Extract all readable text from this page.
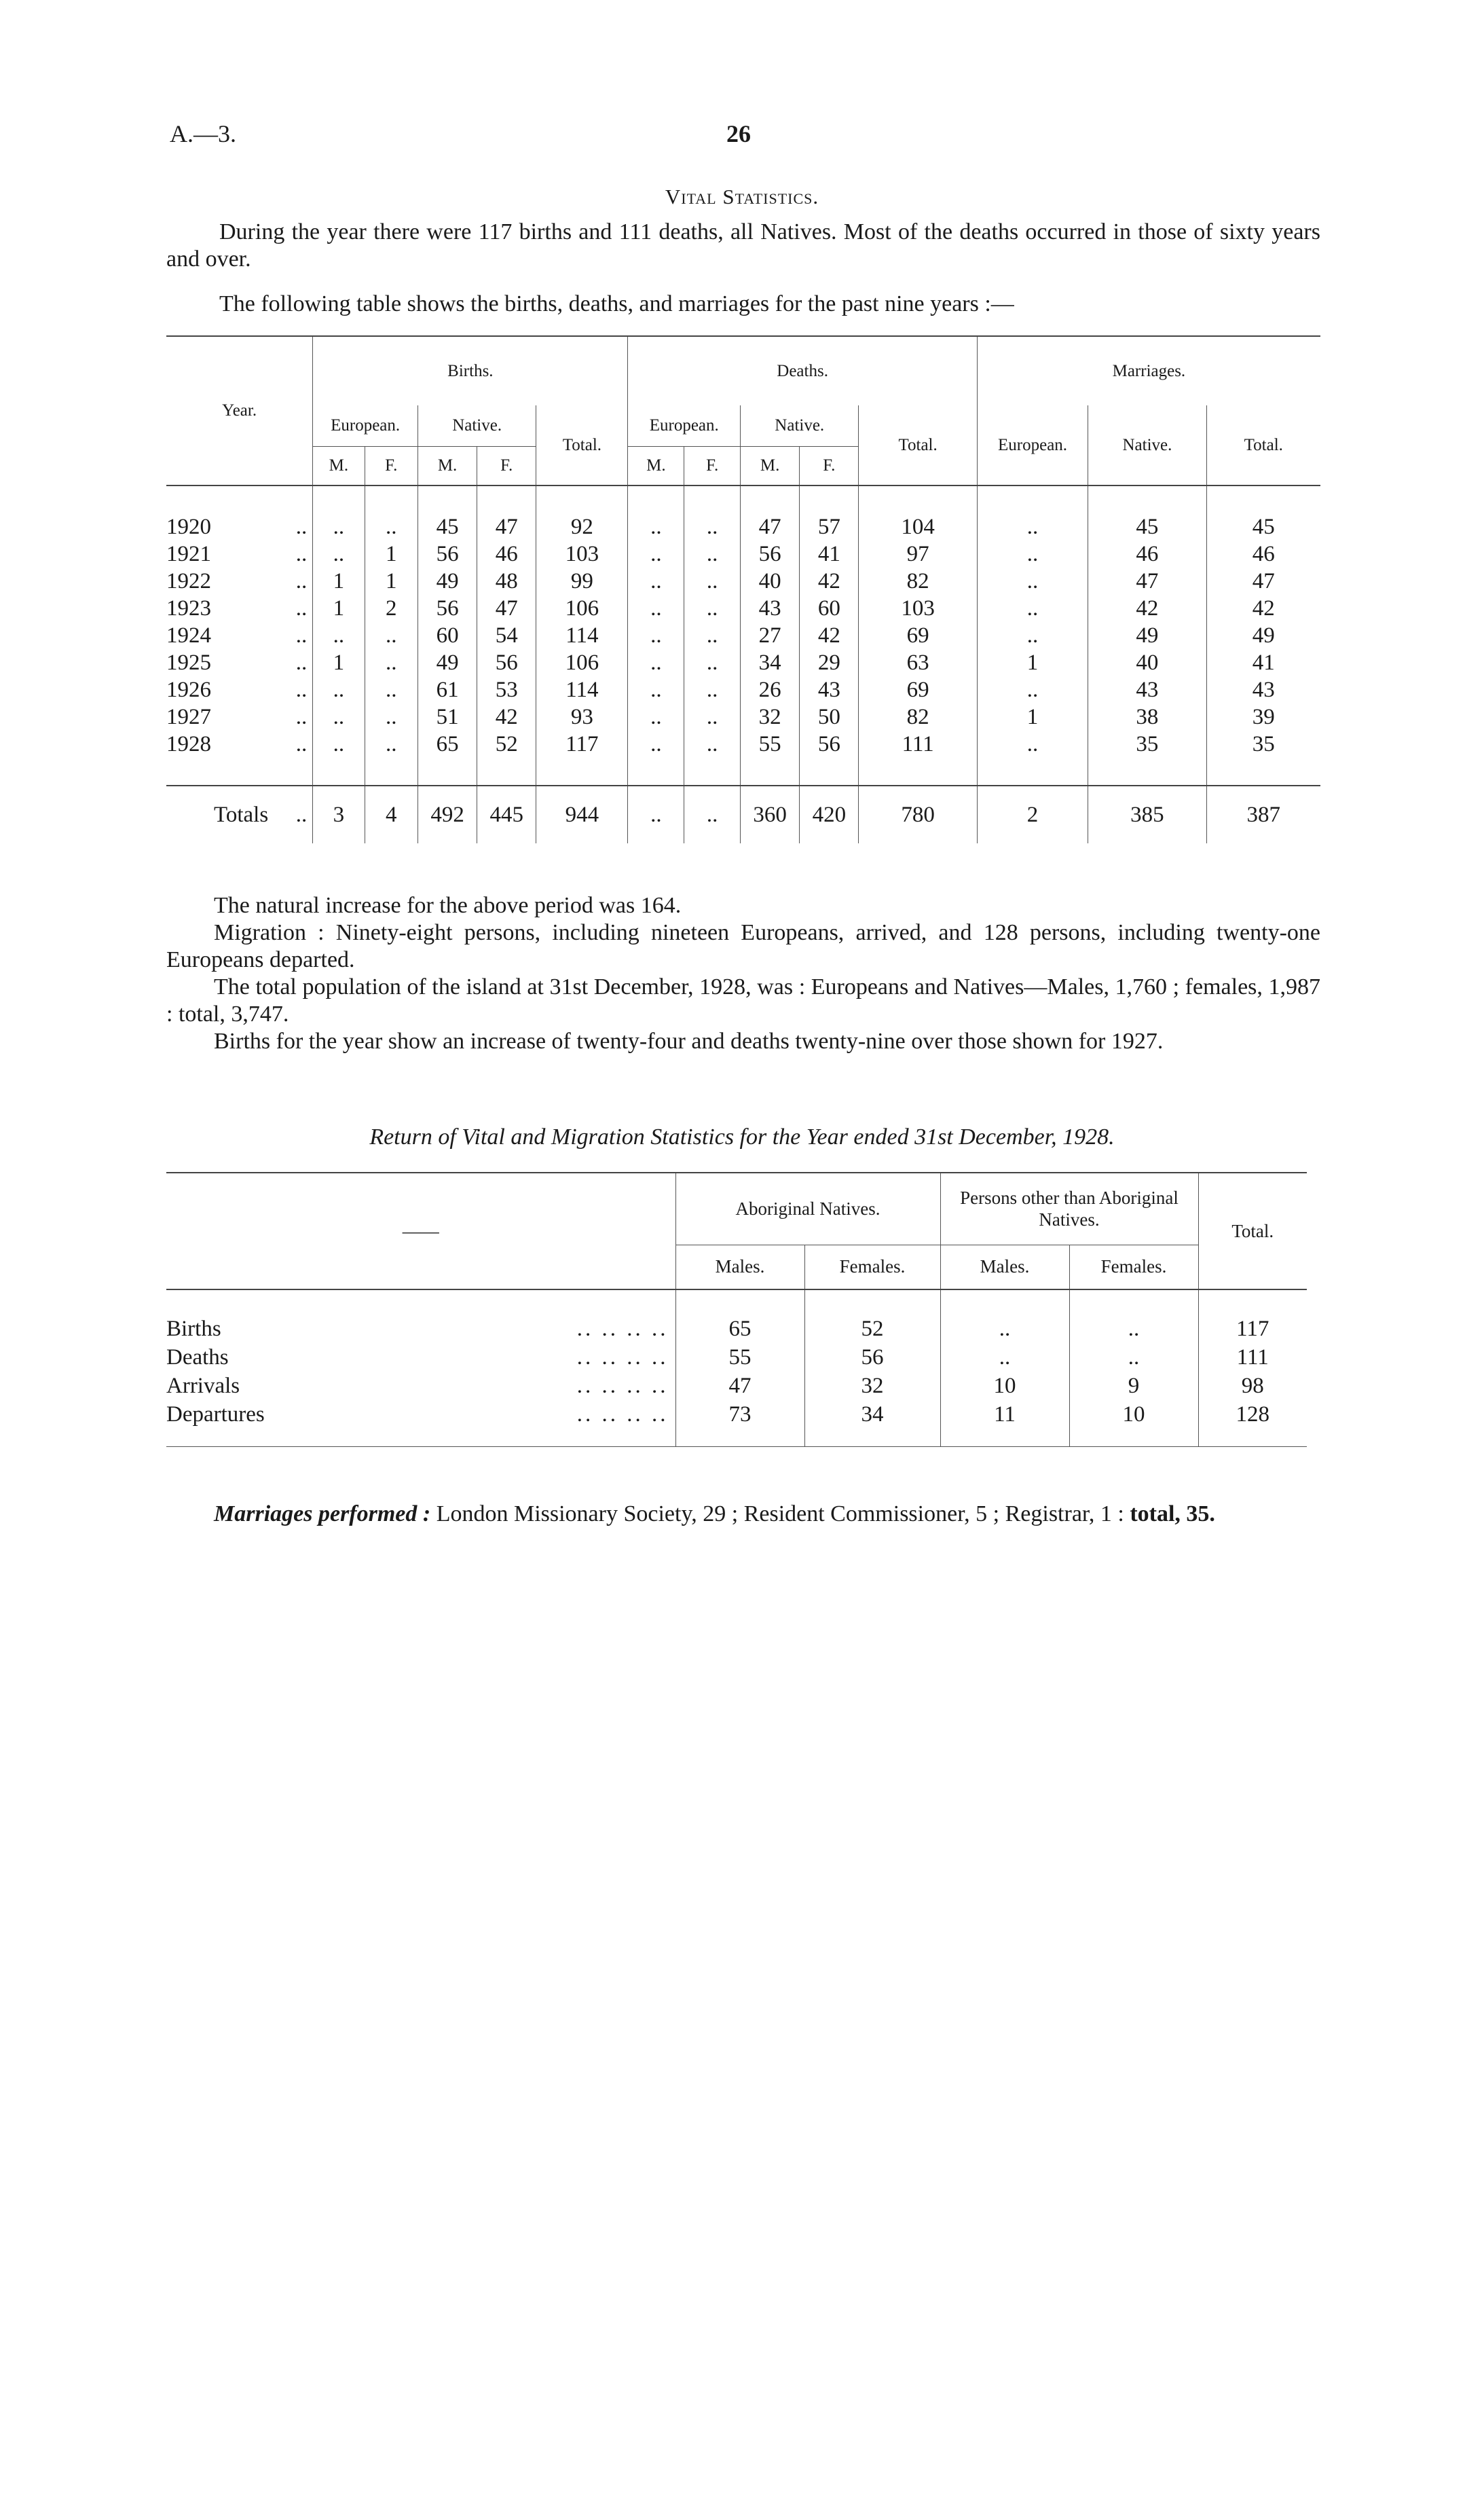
A.—3.	26
Vital Statistics.

During the year there were 117 births and 111 deaths, all Natives. Most of the deaths occurred in those of sixty years and over.

The following table shows the births, deaths, and marriages for the past nine years :—

Year.		Births.					Deaths.					Marriages.		
		European.		Native.		Total.	European.		Native.		Total.	European.	Native.	Total.
		M.	F.	M.	F.		M.	F.	M.	F.				

1920	..	..	..	45	47	92	..	..	47	57	104	..	45	45
1921	..	..	1	56	46	103	..	..	56	41	97	..	46	46
1922	..	1	1	49	48	99	..	..	40	42	82	..	47	47
1923	..	1	2	56	47	106	..	..	43	60	103	..	42	42
1924	..	..	..	60	54	114	..	..	27	42	69	..	49	49
1925	..	1	..	49	56	106	..	..	34	29	63	1	40	41
1926	..	..	..	61	53	114	..	..	26	43	69	..	43	43
1927	..	..	..	51	42	93	..	..	32	50	82	1	38	39
1928	..	..	..	65	52	117	..	..	55	56	111	..	35	35

Totals	..	3	4	492	445	944	..	..	360	420	780	2	385	387
The natural increase for the above period was 164.
Migration : Ninety-eight persons, including nineteen Europeans, arrived, and 128 persons, including twenty-one Europeans departed.
The total population of the island at 31st December, 1928, was : Europeans and Natives—Males, 1,760 ; females, 1,987 : total, 3,747.
Births for the year show an increase of twenty-four and deaths twenty-nine over those shown for 1927.
Return of Vital and Migration Statistics for the Year ended 31st December, 1928.
——		Aboriginal Natives.		Persons other than Aboriginal Natives.		Total.
		Males.	Females.	Males.	Females.	

Births	.. .. .. ..	65	52	..	..	117
Deaths	.. .. .. ..	55	56	..	..	111
Arrivals	.. .. .. ..	47	32	10	9	98
Departures	.. .. .. ..	73	34	11	10	128

Marriages performed : London Missionary Society, 29 ; Resident Commissioner, 5 ; Registrar, 1 : total, 35.
